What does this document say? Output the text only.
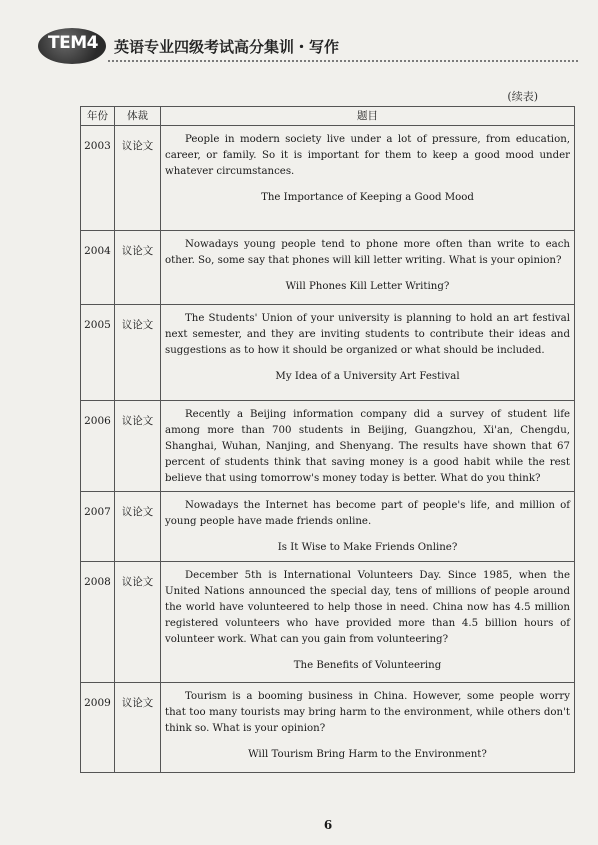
TEM4	英语专业四级考试高分集训・写作
(续表)
年份	体裁	题目
2003	议论文	People in modern society live under a lot of pressure, from education, career, or family. So it is important for them to keep a good mood under whatever circumstances.

The Importance of Keeping a Good Mood

2004	议论文	Nowadays young people tend to phone more often than write to each other. So, some say that phones will kill letter writing. What is your opinion?

Will Phones Kill Letter Writing?

2005	议论文	The Students' Union of your university is planning to hold an art festival next semester, and they are inviting students to contribute their ideas and suggestions as to how it should be organized or what should be included.

My Idea of a University Art Festival

2006	议论文	Recently a Beijing information company did a survey of student life among more than 700 students in Beijing, Guangzhou, Xi'an, Chengdu, Shanghai, Wuhan, Nanjing, and Shenyang. The results have shown that 67 percent of students think that saving money is a good habit while the rest believe that using tomorrow's money today is better. What do you think?

2007	议论文	Nowadays the Internet has become part of people's life, and million of young people have made friends online.

Is It Wise to Make Friends Online?

2008	议论文	December 5th is International Volunteers Day. Since 1985, when the United Nations announced the special day, tens of millions of people around the world have volunteered to help those in need. China now has 4.5 million registered volunteers who have provided more than 4.5 billion hours of volunteer work. What can you gain from volunteering?

The Benefits of Volunteering

2009	议论文	Tourism is a booming business in China. However, some people worry that too many tourists may bring harm to the environment, while others don't think so. What is your opinion?

Will Tourism Bring Harm to the Environment?
6
